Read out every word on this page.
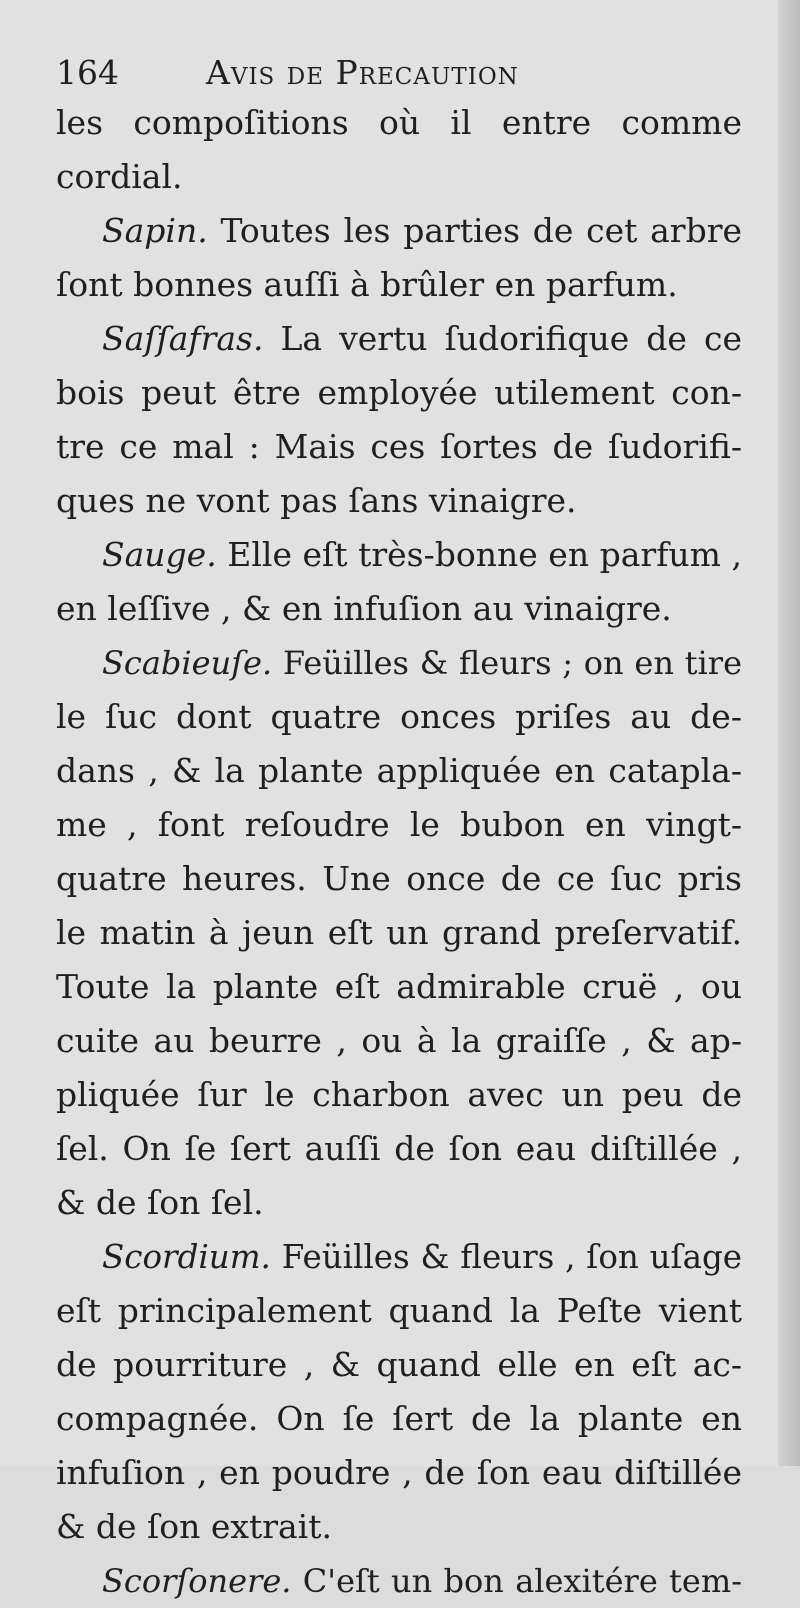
164	Avis de Precaution
les compoſitions où il entre comme
cordial.
Sapin. Toutes les parties de cet arbre
ſont bonnes auſſi à brûler en parfum.
Saſſafras. La vertu ſudorifique de ce
bois peut être employée utilement con-
tre ce mal : Mais ces ſortes de ſudorifi-
ques ne vont pas ſans vinaigre.
Sauge. Elle eſt très-bonne en parfum ,
en leſſive , & en infuſion au vinaigre.
Scabieuſe. Feüilles & fleurs ; on en tire
le ſuc dont quatre onces priſes au de-
dans , & la plante appliquée en catapla-
me , font reſoudre le bubon en vingt-
quatre heures. Une once de ce ſuc pris
le matin à jeun eſt un grand preſervatif.
Toute la plante eſt admirable cruë , ou
cuite au beurre , ou à la graiſſe , & ap-
pliquée ſur le charbon avec un peu de
ſel. On ſe ſert auſſi de ſon eau diſtillée ,
& de ſon ſel.
Scordium. Feüilles & fleurs , ſon uſage
eſt principalement quand la Peſte vient
de pourriture , & quand elle en eſt ac-
compagnée. On ſe ſert de la plante en
infuſion , en poudre , de ſon eau diſtillée
& de ſon extrait.
Scorſonere. C'eſt un bon alexitére tem-
